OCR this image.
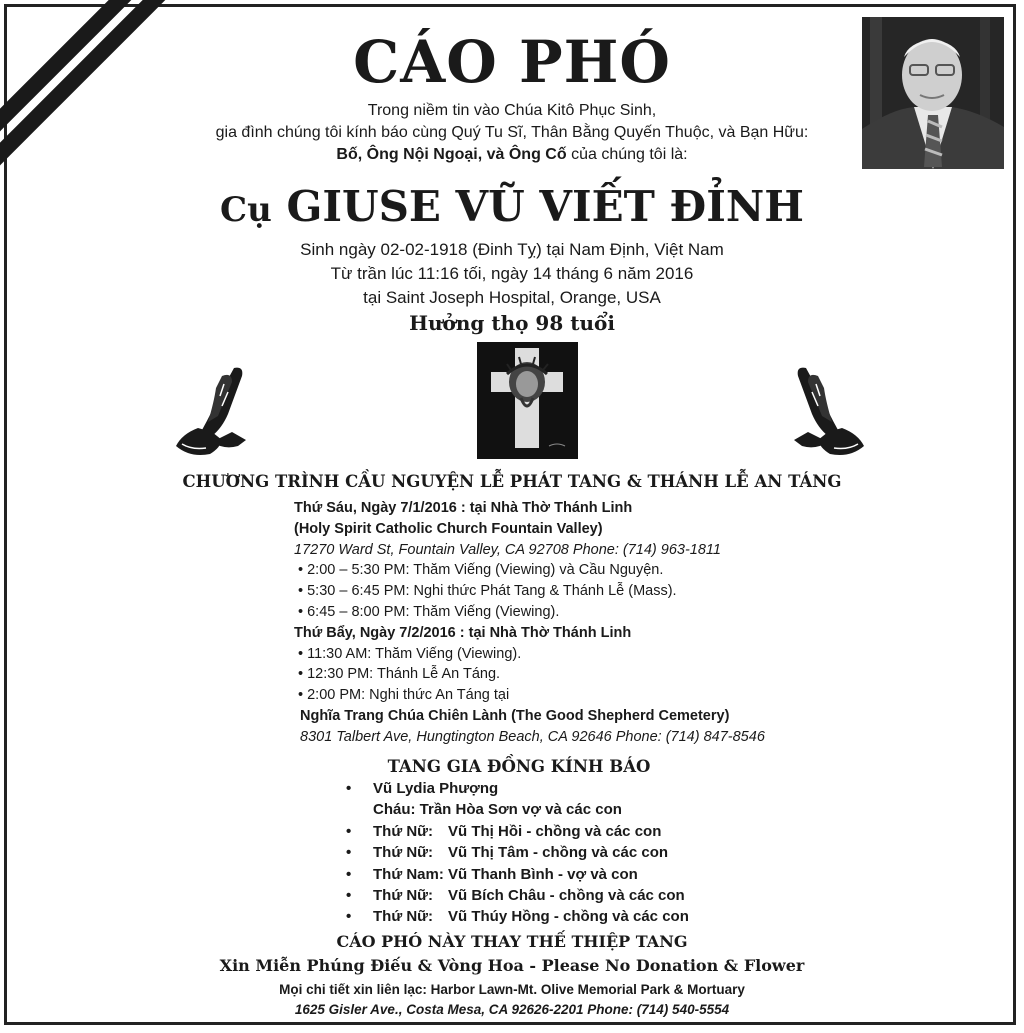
CÁO PHÓ
Trong niềm tin vào Chúa Kitô Phục Sinh,
gia đình chúng tôi kính báo cùng Quý Tu Sĩ, Thân Bằng Quyến Thuộc, và Bạn Hữu:
Bố, Ông Nội Ngoại, và Ông Cố của chúng tôi là:
Cụ GIUSE VŨ VIẾT ĐỈNH
Sinh ngày 02-02-1918 (Đinh Tỵ) tại Nam Định, Việt Nam
Từ trần lúc 11:16 tối, ngày 14 tháng 6 năm 2016
tại Saint Joseph Hospital, Orange, USA
Hưởng thọ 98 tuổi
CHƯƠNG TRÌNH CẦU NGUYỆN LỄ PHÁT TANG & THÁNH LỄ AN TÁNG
Thứ Sáu, Ngày 7/1/2016 : tại Nhà Thờ Thánh Linh
(Holy Spirit Catholic Church Fountain Valley)
17270 Ward St, Fountain Valley, CA 92708 Phone: (714) 963-1811
• 2:00 – 5:30 PM: Thăm Viếng (Viewing) và Cầu Nguyện.
• 5:30 – 6:45 PM: Nghi thức Phát Tang & Thánh Lễ (Mass).
• 6:45 – 8:00 PM: Thăm Viếng (Viewing).
Thứ Bẩy, Ngày 7/2/2016 : tại Nhà Thờ Thánh Linh
• 11:30 AM: Thăm Viếng (Viewing).
• 12:30 PM: Thánh Lễ An Táng.
• 2:00 PM: Nghi thức An Táng tại
Nghĩa Trang Chúa Chiên Lành (The Good Shepherd Cemetery)
8301 Talbert Ave, Hungtington Beach, CA 92646 Phone: (714) 847-8546
TANG GIA ĐỒNG KÍNH BÁO
• Vũ Lydia Phượng
Cháu: Trần Hòa Sơn vợ và các con
• Thứ Nữ: Vũ Thị Hồi - chồng và các con
• Thứ Nữ: Vũ Thị Tâm - chồng và các con
• Thứ Nam: Vũ Thanh Bình - vợ và con
• Thứ Nữ: Vũ Bích Châu - chồng và các con
• Thứ Nữ: Vũ Thúy Hồng - chồng và các con
CÁO PHÓ NÀY THAY THẾ THIỆP TANG
Xin Miễn Phúng Điếu & Vòng Hoa - Please No Donation & Flower
Mọi chi tiết xin liên lạc: Harbor Lawn-Mt. Olive Memorial Park & Mortuary
1625 Gisler Ave., Costa Mesa, CA 92626-2201 Phone: (714) 540-5554
